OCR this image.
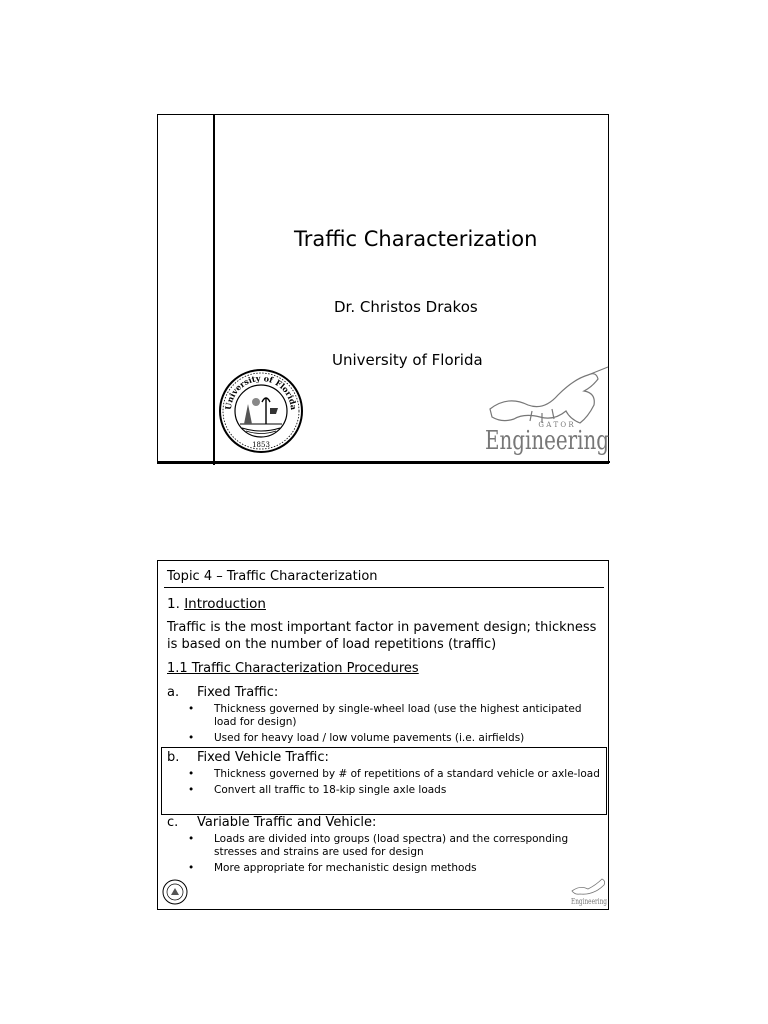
Traffic Characterization
Dr. Christos Drakos
University of Florida
University of Florida
1853
G A T O R
Engineering
Topic 4 – Traffic Characterization
1. Introduction
Traffic is the most important factor in pavement design; thickness is based on the number of load repetitions (traffic)
1.1 Traffic Characterization Procedures
a. Fixed Traffic:
• Thickness governed by single-wheel load (use the highest anticipated load for design)
• Used for heavy load / low volume pavements (i.e. airfields)
b. Fixed Vehicle Traffic:
• Thickness governed by # of repetitions of a standard vehicle or axle-load
• Convert all traffic to 18-kip single axle loads
c. Variable Traffic and Vehicle:
• Loads are divided into groups (load spectra) and the corresponding stresses and strains are used for design
• More appropriate for mechanistic design methods
Engineering
